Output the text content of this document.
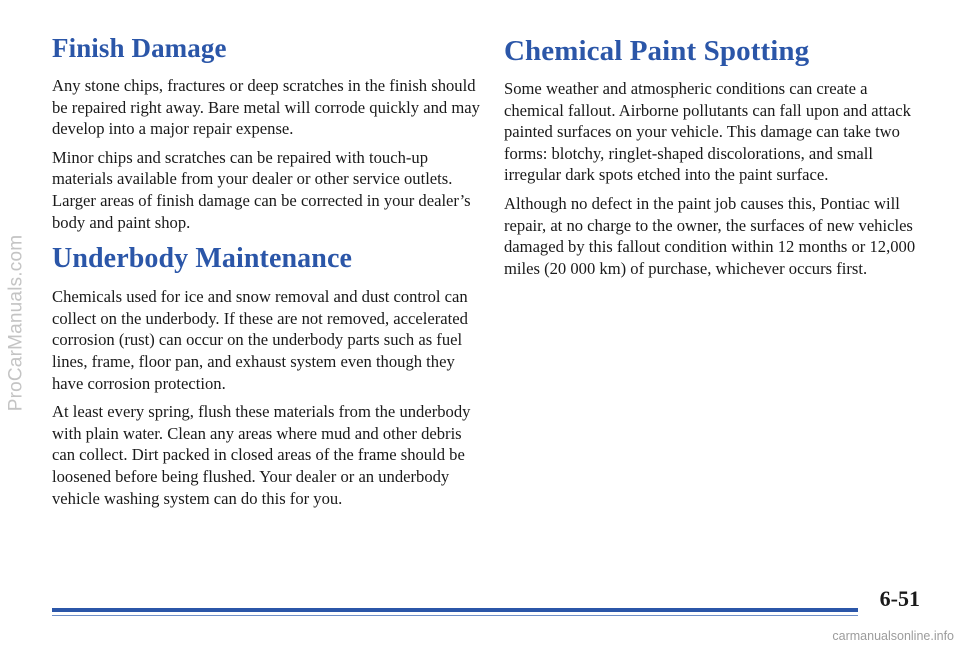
ProCarManuals.com
Finish Damage

Any stone chips, fractures or deep scratches in the finish should be repaired right away. Bare metal will corrode quickly and may develop into a major repair expense.

Minor chips and scratches can be repaired with touch-up materials available from your dealer or other service outlets. Larger areas of finish damage can be corrected in your dealer’s body and paint shop.

Underbody Maintenance

Chemicals used for ice and snow removal and dust control can collect on the underbody. If these are not removed, accelerated corrosion (rust) can occur on the underbody parts such as fuel lines, frame, floor pan, and exhaust system even though they have corrosion protection.

At least every spring, flush these materials from the underbody with plain water. Clean any areas where mud and other debris can collect. Dirt packed in closed areas of the frame should be loosened before being flushed. Your dealer or an underbody vehicle washing system can do this for you.

Chemical Paint Spotting

Some weather and atmospheric conditions can create a chemical fallout. Airborne pollutants can fall upon and attack painted surfaces on your vehicle. This damage can take two forms: blotchy, ringlet-shaped discolorations, and small irregular dark spots etched into the paint surface.

Although no defect in the paint job causes this, Pontiac will repair, at no charge to the owner, the surfaces of new vehicles damaged by this fallout condition within 12 months or 12,000 miles (20 000 km) of purchase, whichever occurs first.

6-51
carmanualsonline.info
